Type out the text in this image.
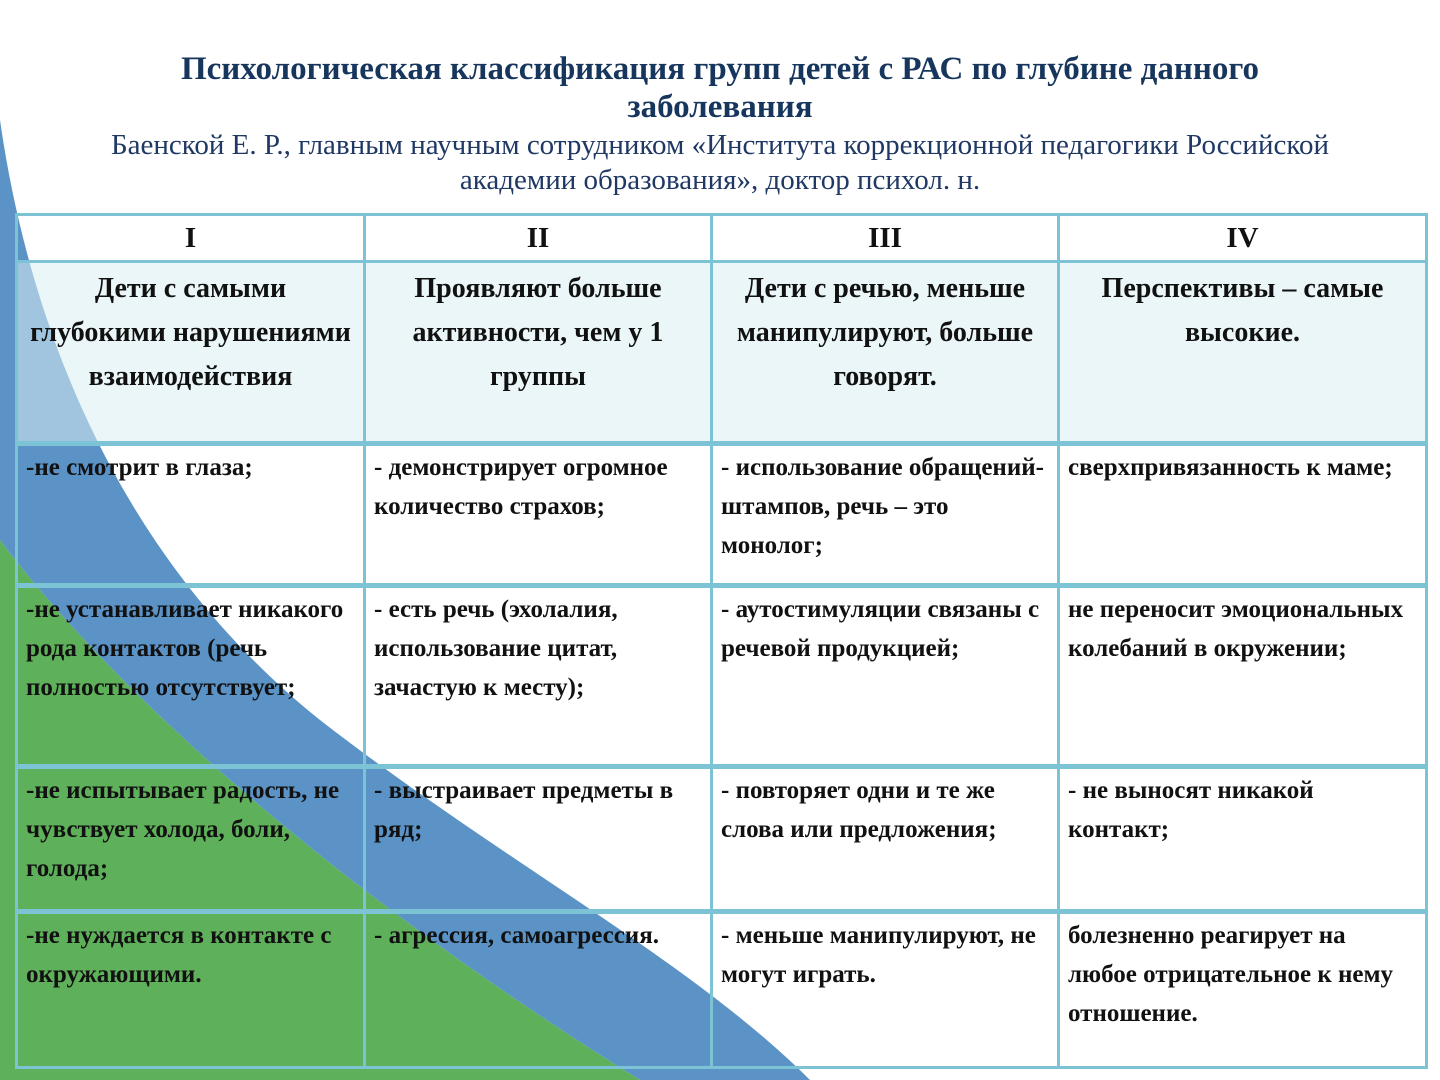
Психологическая классификация групп детей с РАС по глубине данного заболевания
Баенской Е. Р., главным научным сотрудником «Института коррекционной педагогики Российской академии образования», доктор психол. н.
I	II	III	IV
Дети с самыми глубокими нарушениями взаимодействия	Проявляют больше активности, чем у 1 группы	Дети с речью, меньше манипулируют, больше говорят.	Перспективы – самые высокие.
-не смотрит в глаза;	- демонстрирует огромное количество страхов;	- использование обращений-штампов, речь – это монолог;	сверхпривязанность к маме;
-не устанавливает никакого рода контактов (речь полностью отсутствует;	- есть речь (эхолалия, использование цитат, зачастую к месту);	- аутостимуляции связаны с речевой продукцией;	не переносит эмоциональных колебаний в окружении;
-не испытывает радость, не чувствует холода, боли, голода;	- выстраивает предметы в ряд;	- повторяет одни и те же слова или предложения;	- не выносят никакой контакт;
-не нуждается в контакте с окружающими.	- агрессия, самоагрессия.	- меньше манипулируют, не могут играть.	болезненно реагирует на любое отрицательное к нему отношение.
